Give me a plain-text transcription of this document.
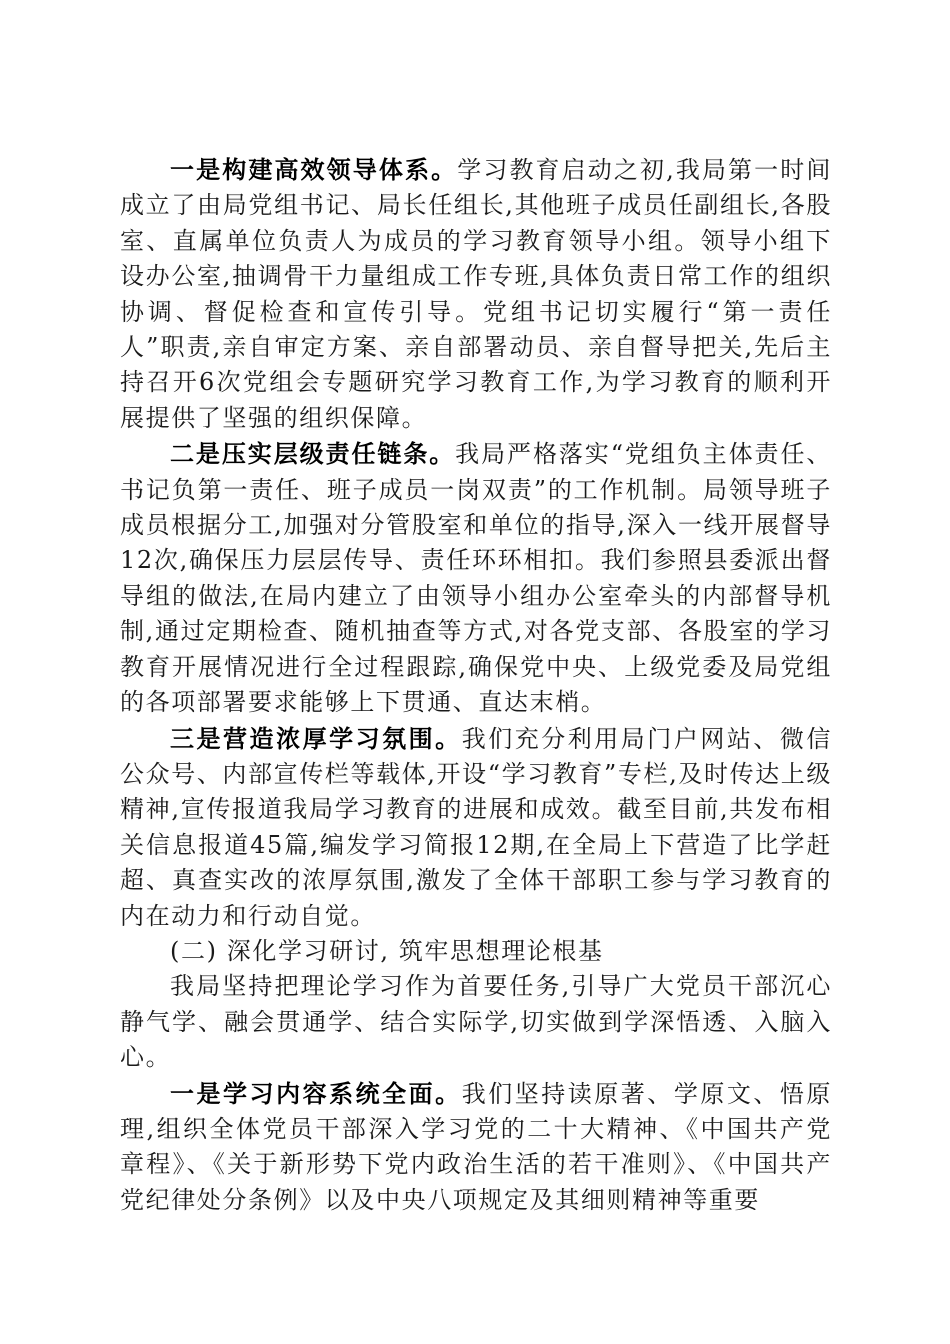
一是构建高效领导体系。学习教育启动之初,我局第一时间成立了由局党组书记、局长任组长,其他班子成员任副组长,各股室、直属单位负责人为成员的学习教育领导小组。领导小组下设办公室,抽调骨干力量组成工作专班,具体负责日常工作的组织协调、督促检查和宣传引导。党组书记切实履行“第一责任人”职责,亲自审定方案、亲自部署动员、亲自督导把关,先后主持召开6次党组会专题研究学习教育工作,为学习教育的顺利开展提供了坚强的组织保障。

二是压实层级责任链条。我局严格落实“党组负主体责任、书记负第一责任、班子成员一岗双责”的工作机制。局领导班子成员根据分工,加强对分管股室和单位的指导,深入一线开展督导12次,确保压力层层传导、责任环环相扣。我们参照县委派出督导组的做法,在局内建立了由领导小组办公室牵头的内部督导机制,通过定期检查、随机抽查等方式,对各党支部、各股室的学习教育开展情况进行全过程跟踪,确保党中央、上级党委及局党组的各项部署要求能够上下贯通、直达末梢。

三是营造浓厚学习氛围。我们充分利用局门户网站、微信公众号、内部宣传栏等载体,开设“学习教育”专栏,及时传达上级精神,宣传报道我局学习教育的进展和成效。截至目前,共发布相关信息报道45篇,编发学习简报12期,在全局上下营造了比学赶超、真查实改的浓厚氛围,激发了全体干部职工参与学习教育的内在动力和行动自觉。

(二) 深化学习研讨, 筑牢思想理论根基

我局坚持把理论学习作为首要任务,引导广大党员干部沉心静气学、融会贯通学、结合实际学,切实做到学深悟透、入脑入心。

一是学习内容系统全面。我们坚持读原著、学原文、悟原理,组织全体党员干部深入学习党的二十大精神、《中国共产党章程》、《关于新形势下党内政治生活的若干准则》、《中国共产党纪律处分条例》以及中央八项规定及其细则精神等重要
